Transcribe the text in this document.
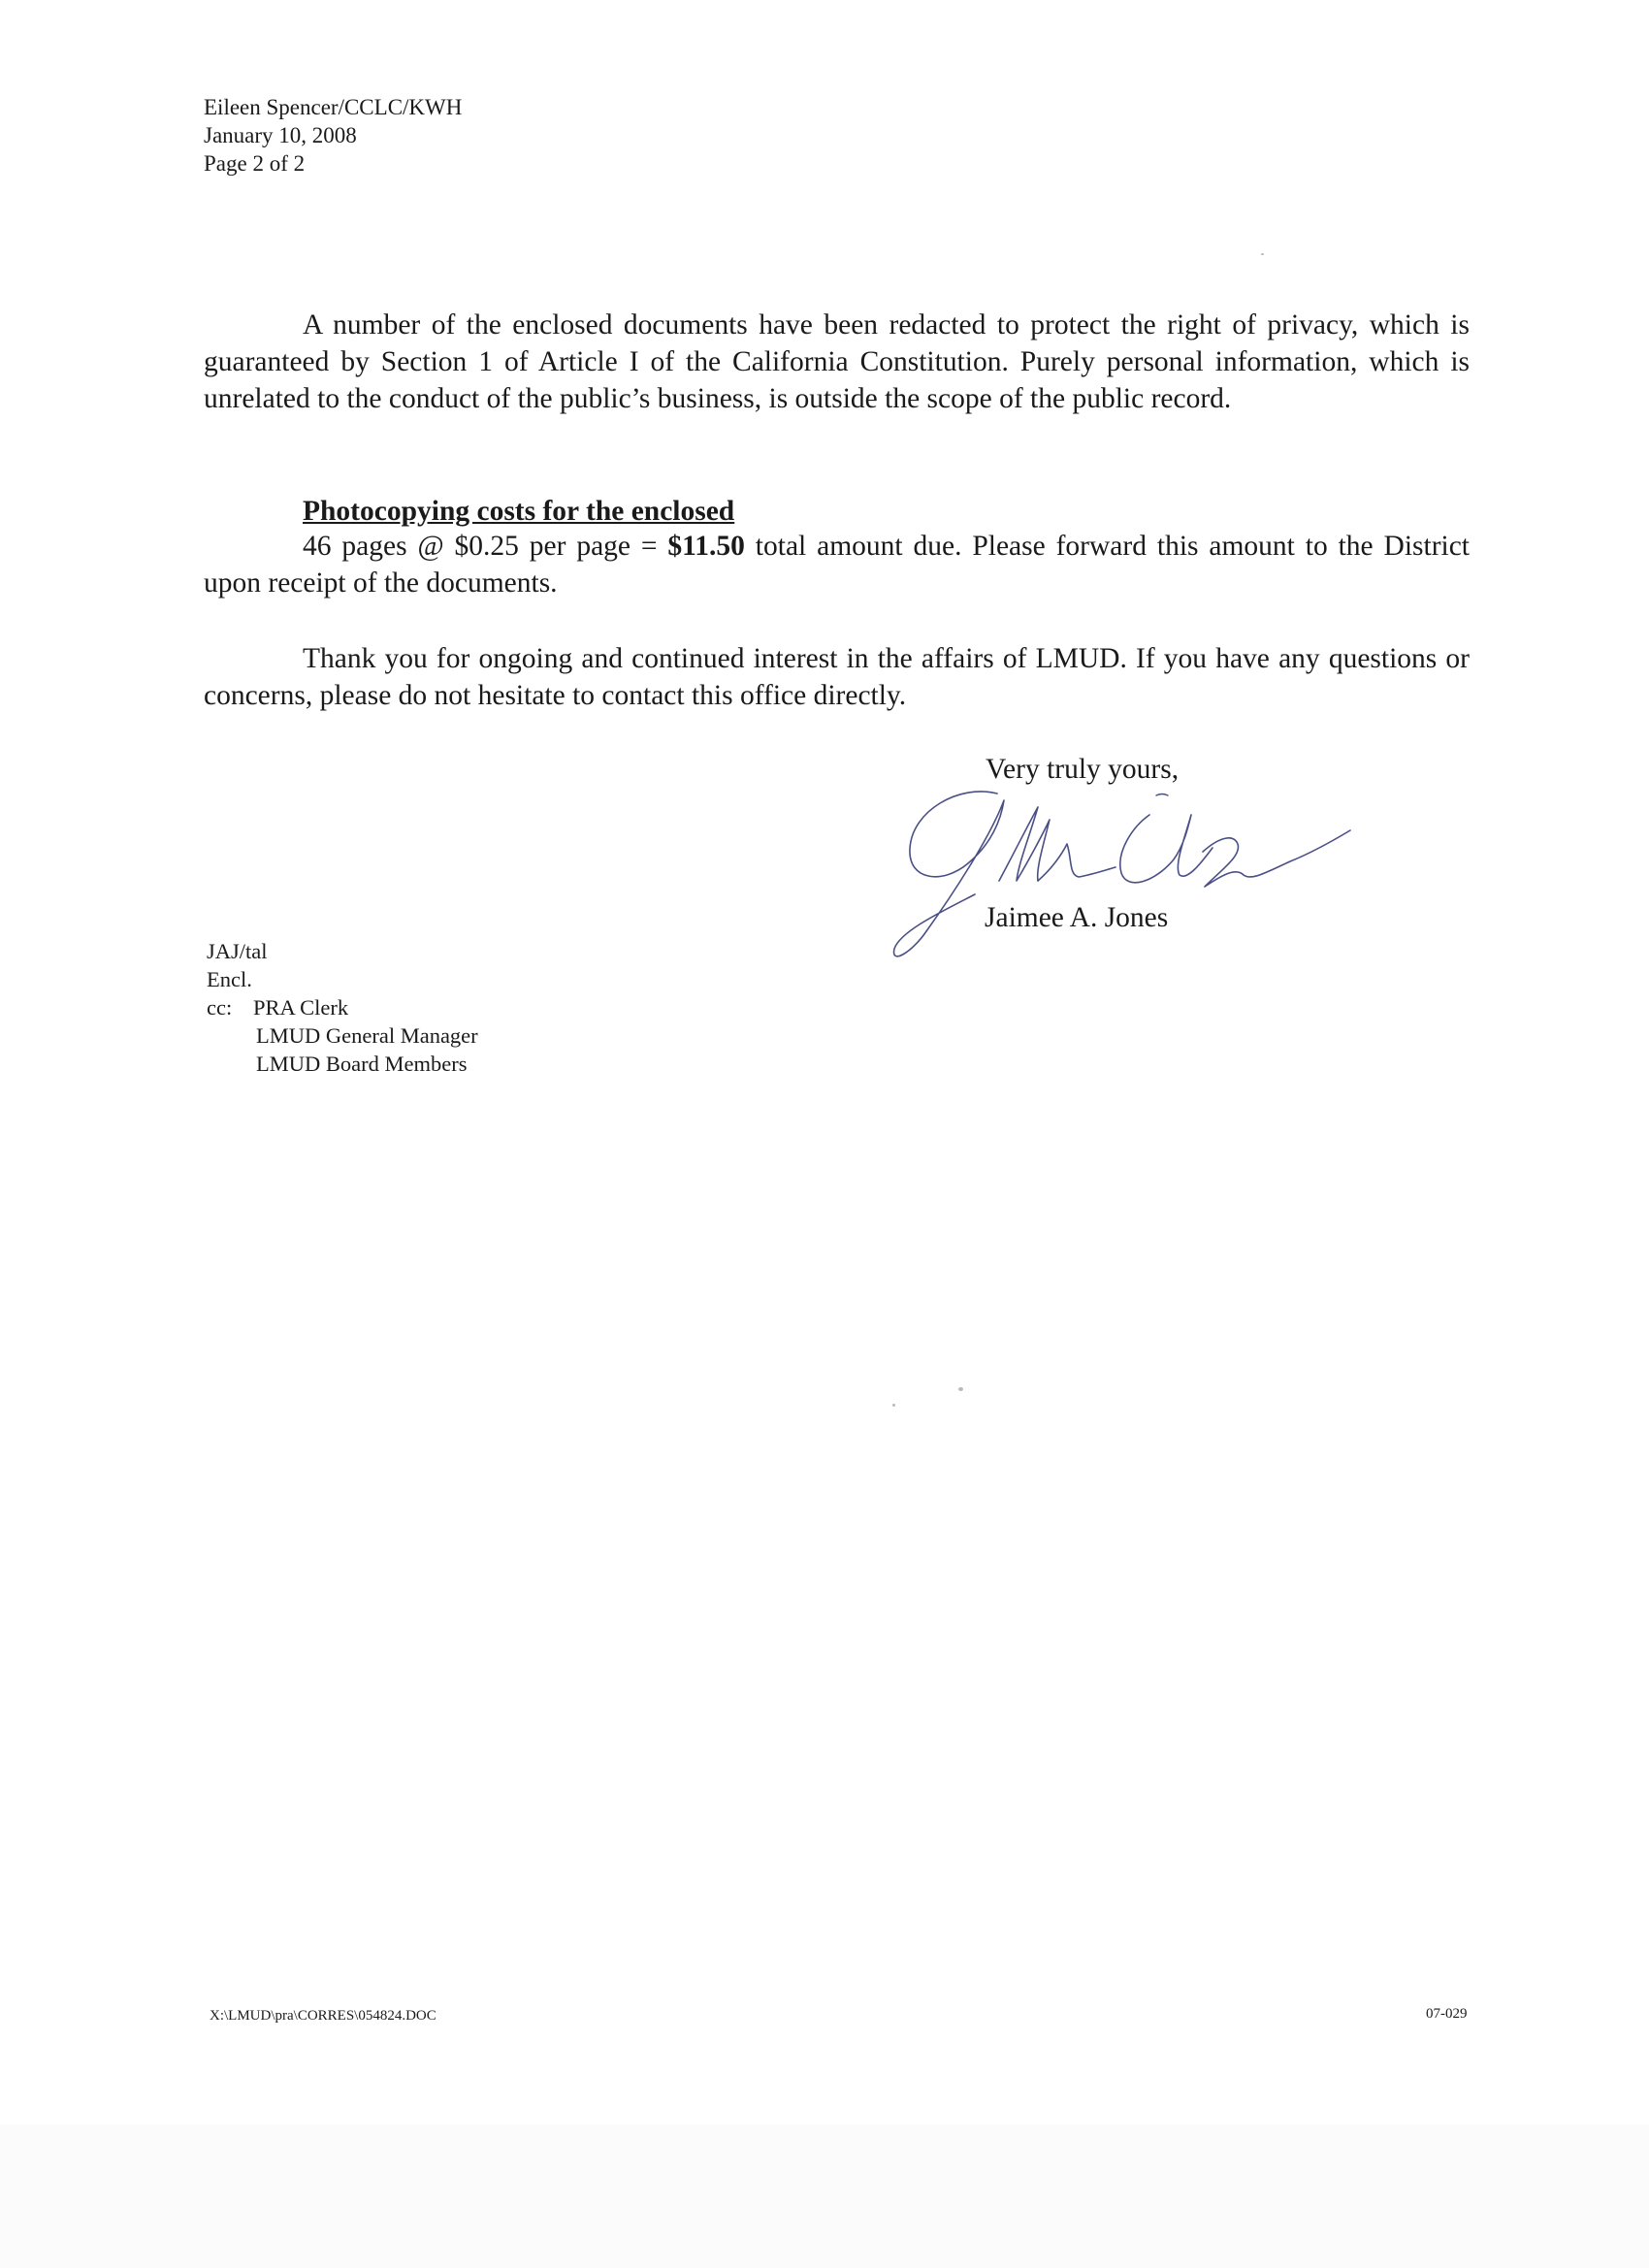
Eileen Spencer/CCLC/KWH
January 10, 2008
Page 2 of 2
A number of the enclosed documents have been redacted to protect the right of privacy, which is guaranteed by Section 1 of Article I of the California Constitution. Purely personal information, which is unrelated to the conduct of the public’s business, is outside the scope of the public record.
Photocopying costs for the enclosed
46 pages @ $0.25 per page = $11.50 total amount due. Please forward this amount to the District upon receipt of the documents.
Thank you for ongoing and continued interest in the affairs of LMUD. If you have any questions or concerns, please do not hesitate to contact this office directly.
Very truly yours,
Jaimee A. Jones
JAJ/tal
Encl.
cc: PRA Clerk
LMUD General Manager
LMUD Board Members
X:\LMUD\pra\CORRES\054824.DOC	07-029
